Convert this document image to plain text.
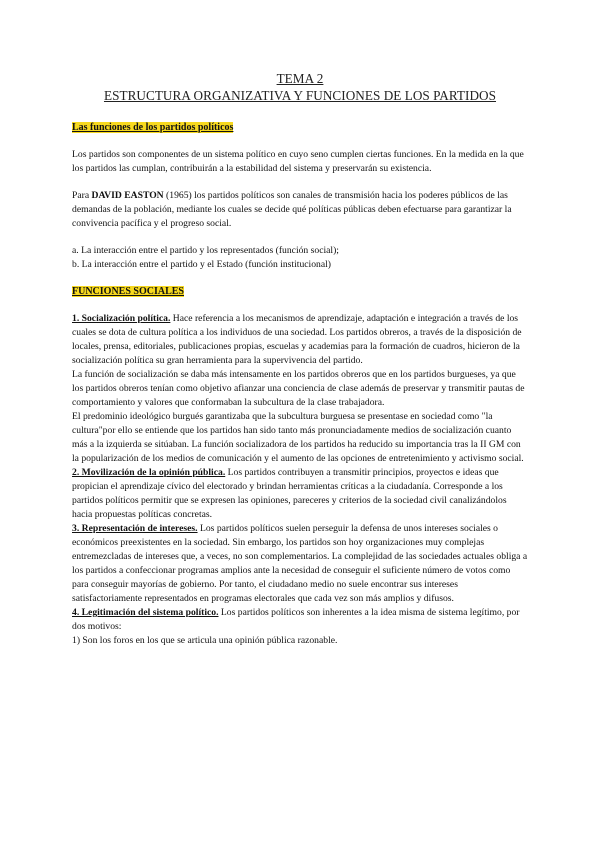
TEMA 2
ESTRUCTURA ORGANIZATIVA Y FUNCIONES DE LOS PARTIDOS
Las funciones de los partidos políticos

Los partidos son componentes de un sistema político en cuyo seno cumplen ciertas funciones. En la medida en la que los partidos las cumplan, contribuirán a la estabilidad del sistema y preservarán su existencia.

Para DAVID EASTON (1965) los partidos políticos son canales de transmisión hacia los poderes públicos de las demandas de la población, mediante los cuales se decide qué políticas públicas deben efectuarse para garantizar la convivencia pacífica y el progreso social.

a. La interacción entre el partido y los representados (función social);

b. La interacción entre el partido y el Estado (función institucional)

FUNCIONES SOCIALES

1. Socialización política. Hace referencia a los mecanismos de aprendizaje, adaptación e integración a través de los cuales se dota de cultura política a los individuos de una sociedad. Los partidos obreros, a través de la disposición de locales, prensa, editoriales, publicaciones propias, escuelas y academias para la formación de cuadros, hicieron de la socialización política su gran herramienta para la supervivencia del partido.

La función de socialización se daba más intensamente en los partidos obreros que en los partidos burgueses, ya que los partidos obreros tenían como objetivo afianzar una conciencia de clase además de preservar y transmitir pautas de comportamiento y valores que conformaban la subcultura de la clase trabajadora.

El predominio ideológico burgués garantizaba que la subcultura burguesa se presentase en sociedad como "la cultura"por ello se entiende que los partidos han sido tanto más pronunciadamente medios de socialización cuanto más a la izquierda se sitúaban. La función socializadora de los partidos ha reducido su importancia tras la II GM con la popularización de los medios de comunicación y el aumento de las opciones de entretenimiento y activismo social.

2. Movilización de la opinión pública. Los partidos contribuyen a transmitir principios, proyectos e ideas que propician el aprendizaje cívico del electorado y brindan herramientas críticas a la ciudadanía. Corresponde a los partidos políticos permitir que se expresen las opiniones, pareceres y criterios de la sociedad civil canalizándolos hacia propuestas políticas concretas.

3. Representación de intereses. Los partidos políticos suelen perseguir la defensa de unos intereses sociales o económicos preexistentes en la sociedad. Sin embargo, los partidos son hoy organizaciones muy complejas entremezcladas de intereses que, a veces, no son complementarios. La complejidad de las sociedades actuales obliga a los partidos a confeccionar programas amplios ante la necesidad de conseguir el suficiente número de votos como para conseguir mayorías de gobierno. Por tanto, el ciudadano medio no suele encontrar sus intereses satisfactoriamente representados en programas electorales que cada vez son más amplios y difusos.

4. Legitimación del sistema político. Los partidos políticos son inherentes a la idea misma de sistema legítimo, por dos motivos:

1) Son los foros en los que se articula una opinión pública razonable.
